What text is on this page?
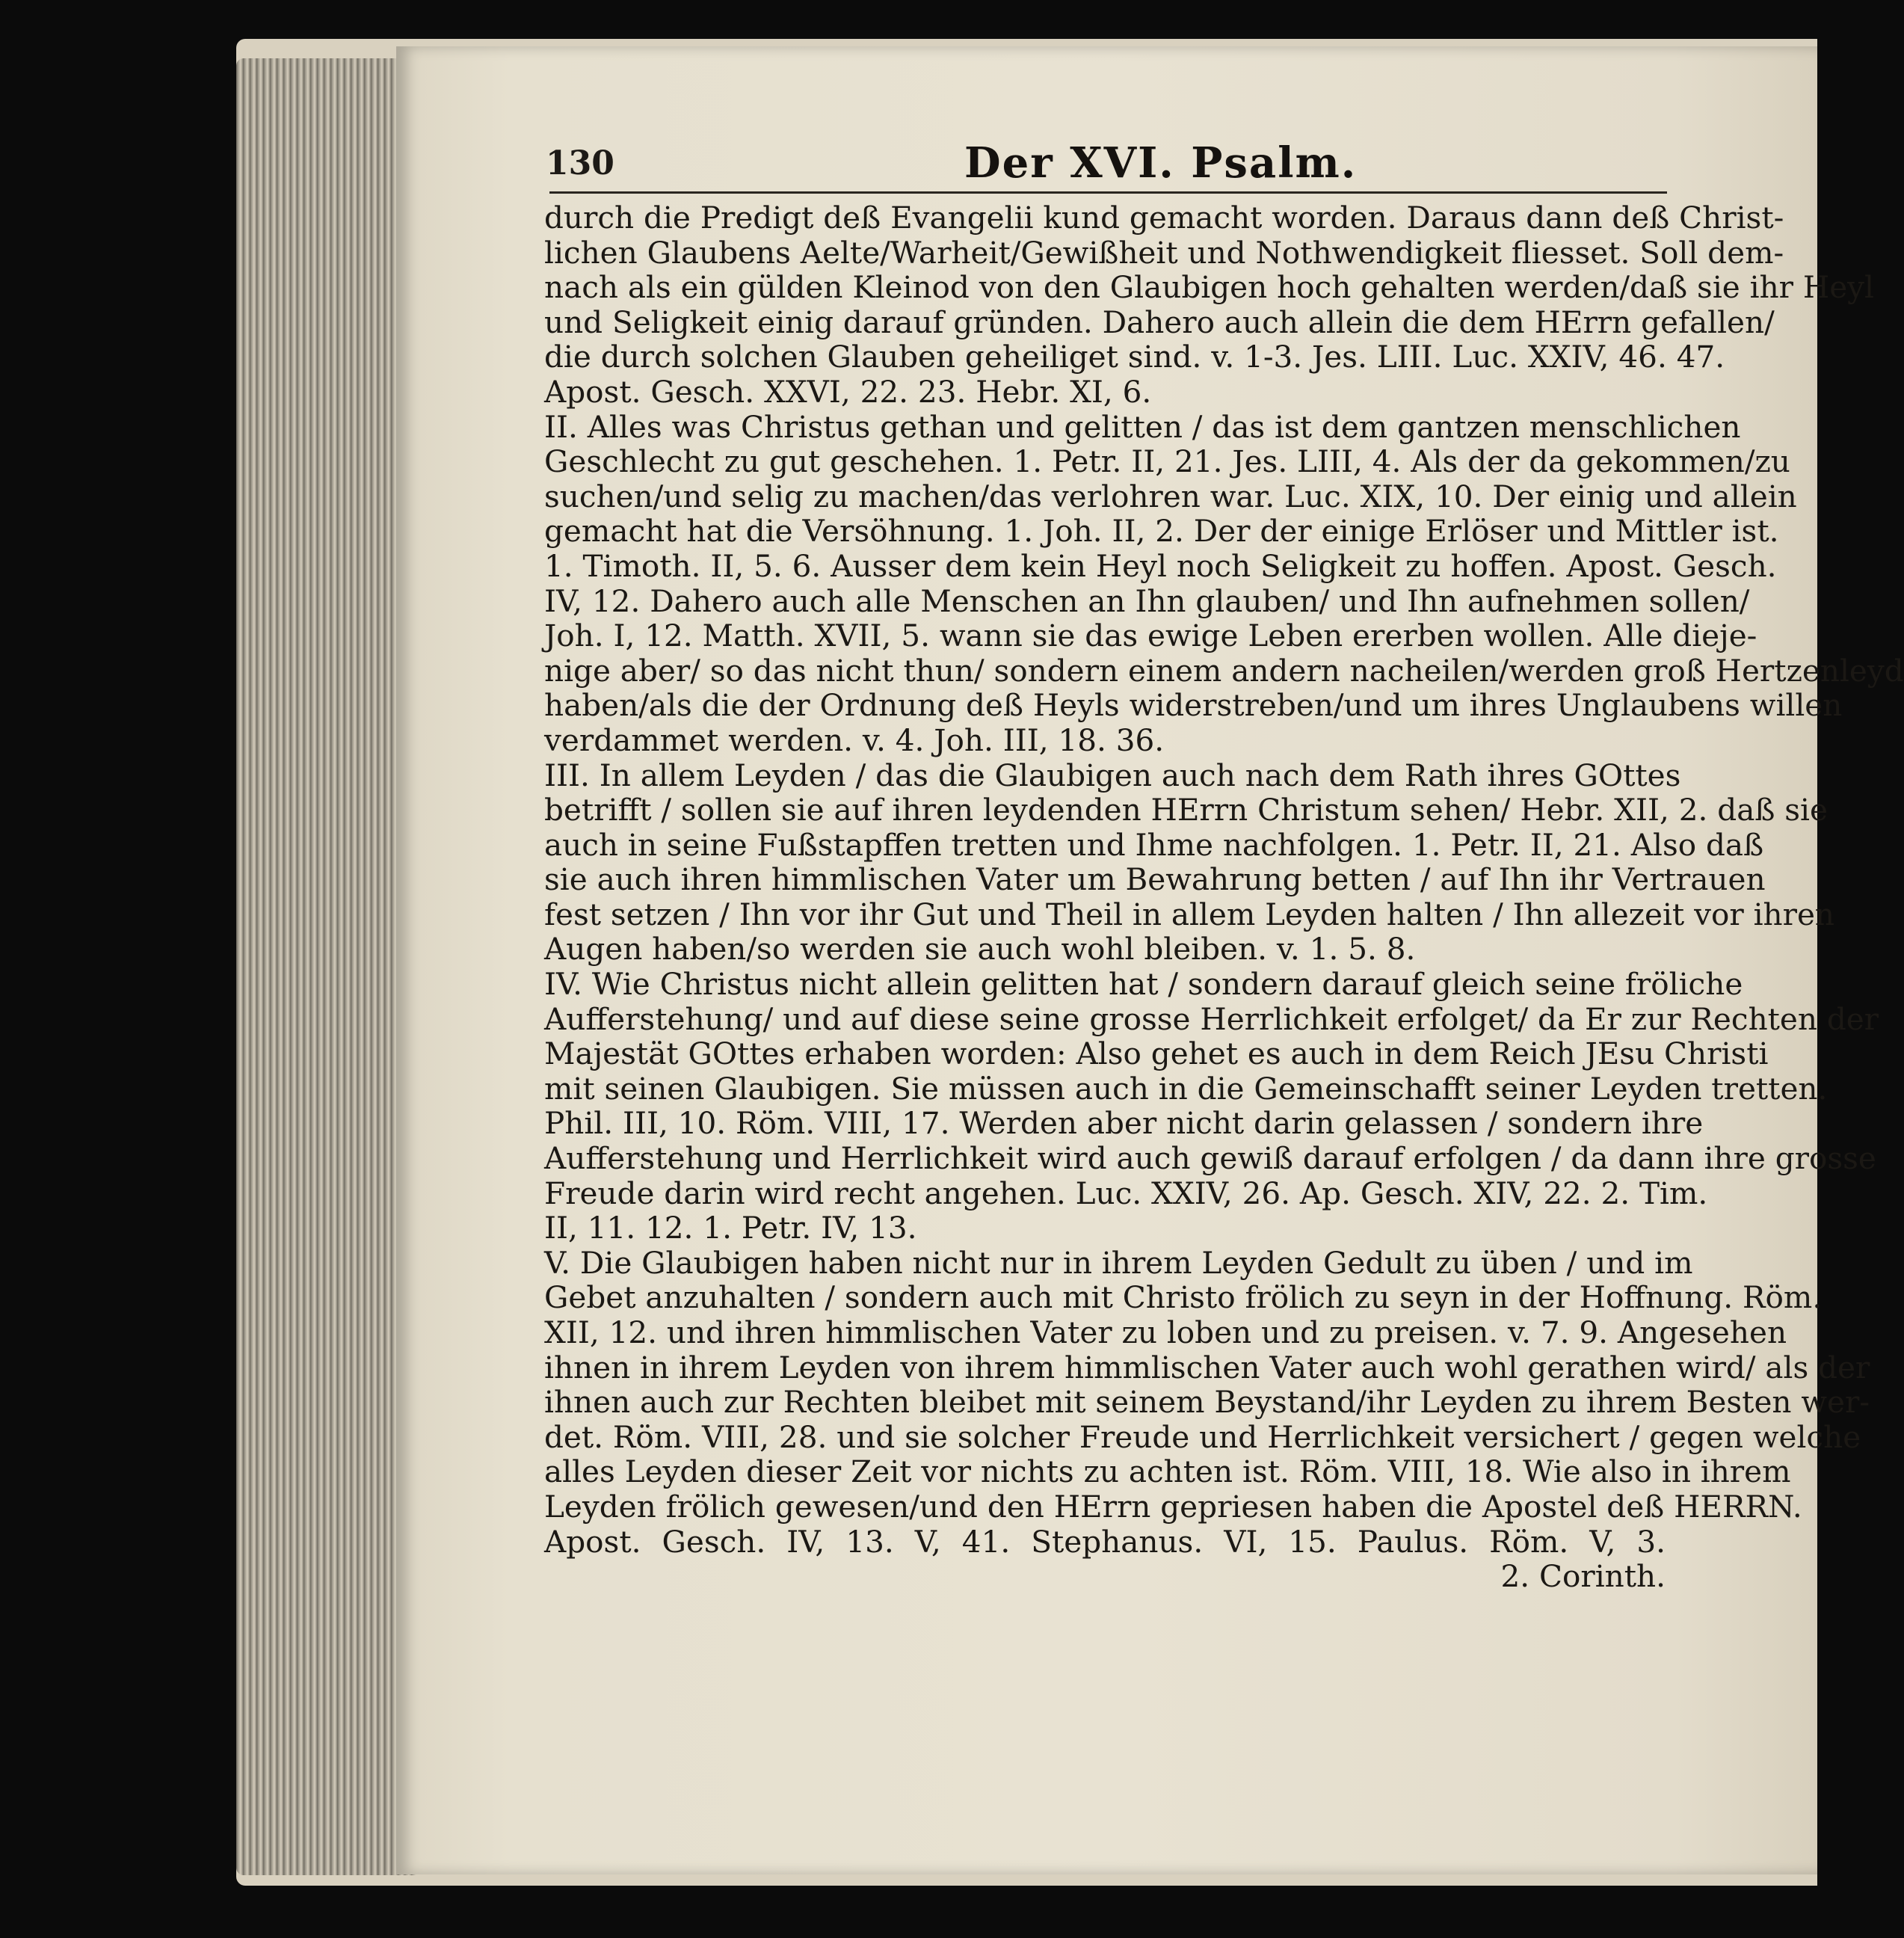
130	Der XVI. Psalm.
durch die Predigt deß Evangelii kund gemacht worden. Daraus dann deß Christ-
lichen Glaubens Aelte/Warheit/Gewißheit und Nothwendigkeit fliesset. Soll dem-
nach als ein gülden Kleinod von den Glaubigen hoch gehalten werden/daß sie ihr Heyl
und Seligkeit einig darauf gründen. Dahero auch allein die dem HErrn gefallen/
die durch solchen Glauben geheiliget sind. v. 1-3. Jes. LIII. Luc. XXIV, 46. 47.
Apost. Gesch. XXVI, 22. 23. Hebr. XI, 6.
II. Alles was Christus gethan und gelitten / das ist dem gantzen menschlichen
Geschlecht zu gut geschehen. 1. Petr. II, 21. Jes. LIII, 4. Als der da gekommen/zu
suchen/und selig zu machen/das verlohren war. Luc. XIX, 10. Der einig und allein
gemacht hat die Versöhnung. 1. Joh. II, 2. Der der einige Erlöser und Mittler ist.
1. Timoth. II, 5. 6. Ausser dem kein Heyl noch Seligkeit zu hoffen. Apost. Gesch.
IV, 12. Dahero auch alle Menschen an Ihn glauben/ und Ihn aufnehmen sollen/
Joh. I, 12. Matth. XVII, 5. wann sie das ewige Leben ererben wollen. Alle dieje-
nige aber/ so das nicht thun/ sondern einem andern nacheilen/werden groß Hertzenleyd
haben/als die der Ordnung deß Heyls widerstreben/und um ihres Unglaubens willen
verdammet werden. v. 4. Joh. III, 18. 36.
III. In allem Leyden / das die Glaubigen auch nach dem Rath ihres GOttes
betrifft / sollen sie auf ihren leydenden HErrn Christum sehen/ Hebr. XII, 2. daß sie
auch in seine Fußstapffen tretten und Ihme nachfolgen. 1. Petr. II, 21. Also daß
sie auch ihren himmlischen Vater um Bewahrung betten / auf Ihn ihr Vertrauen
fest setzen / Ihn vor ihr Gut und Theil in allem Leyden halten / Ihn allezeit vor ihren
Augen haben/so werden sie auch wohl bleiben. v. 1. 5. 8.
IV. Wie Christus nicht allein gelitten hat / sondern darauf gleich seine fröliche
Aufferstehung/ und auf diese seine grosse Herrlichkeit erfolget/ da Er zur Rechten der
Majestät GOttes erhaben worden: Also gehet es auch in dem Reich JEsu Christi
mit seinen Glaubigen. Sie müssen auch in die Gemeinschafft seiner Leyden tretten.
Phil. III, 10. Röm. VIII, 17. Werden aber nicht darin gelassen / sondern ihre
Aufferstehung und Herrlichkeit wird auch gewiß darauf erfolgen / da dann ihre grosse
Freude darin wird recht angehen. Luc. XXIV, 26. Ap. Gesch. XIV, 22. 2. Tim.
II, 11. 12. 1. Petr. IV, 13.
V. Die Glaubigen haben nicht nur in ihrem Leyden Gedult zu üben / und im
Gebet anzuhalten / sondern auch mit Christo frölich zu seyn in der Hoffnung. Röm.
XII, 12. und ihren himmlischen Vater zu loben und zu preisen. v. 7. 9. Angesehen
ihnen in ihrem Leyden von ihrem himmlischen Vater auch wohl gerathen wird/ als der
ihnen auch zur Rechten bleibet mit seinem Beystand/ihr Leyden zu ihrem Besten wer-
det. Röm. VIII, 28. und sie solcher Freude und Herrlichkeit versichert / gegen welche
alles Leyden dieser Zeit vor nichts zu achten ist. Röm. VIII, 18. Wie also in ihrem
Leyden frölich gewesen/und den HErrn gepriesen haben die Apostel deß HERRN.
Apost. Gesch. IV, 13. V, 41. Stephanus. VI, 15. Paulus. Röm. V, 3.
2. Corinth.
